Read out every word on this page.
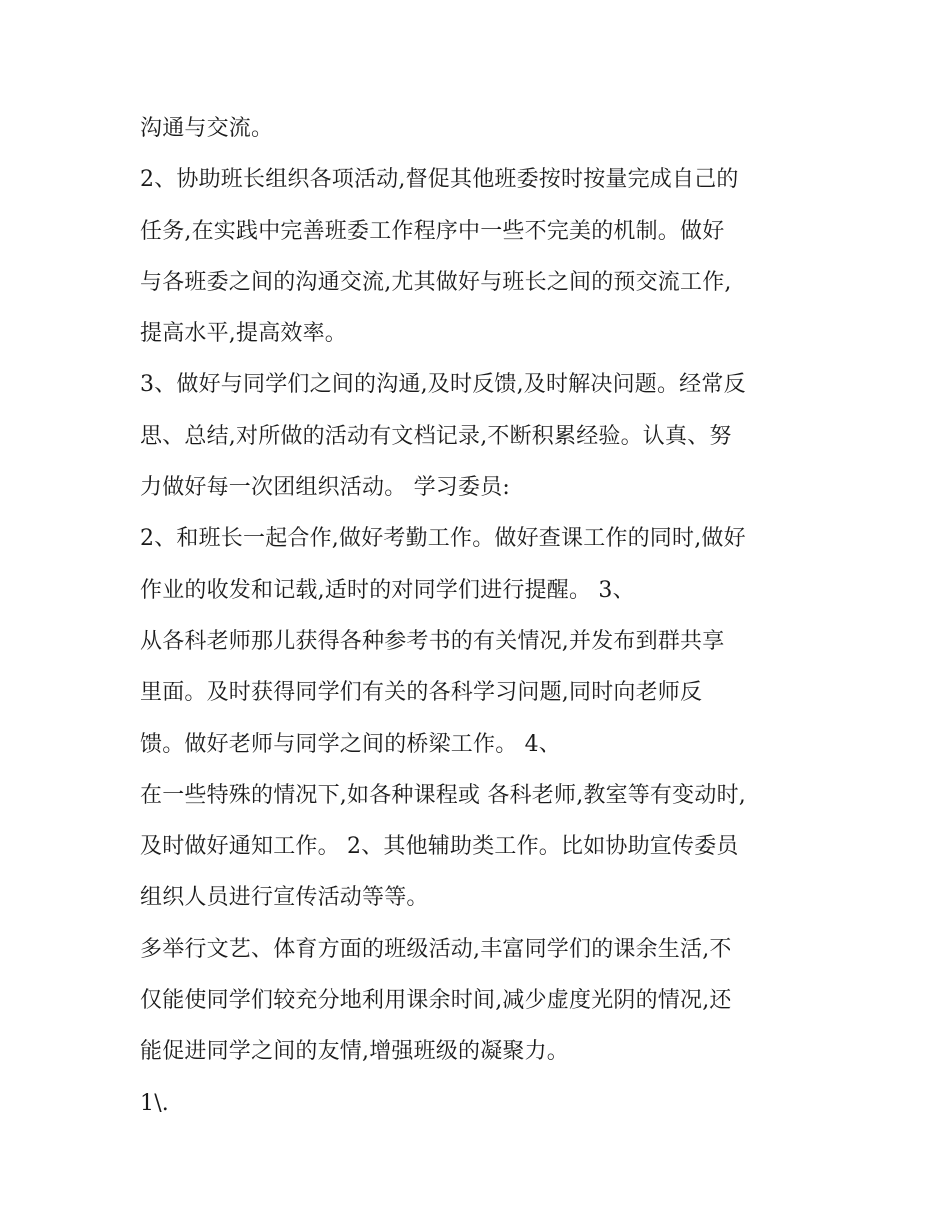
沟通与交流。
2、协助班长组织各项活动,督促其他班委按时按量完成自己的
任务,在实践中完善班委工作程序中一些不完美的机制。做好
与各班委之间的沟通交流,尤其做好与班长之间的预交流工作,
提高水平,提高效率。
3、做好与同学们之间的沟通,及时反馈,及时解决问题。经常反
思、总结,对所做的活动有文档记录,不断积累经验。认真、努
力做好每一次团组织活动。 学习委员:
2、和班长一起合作,做好考勤工作。做好查课工作的同时,做好
作业的收发和记载,适时的对同学们进行提醒。 3、
从各科老师那儿获得各种参考书的有关情况,并发布到群共享
里面。及时获得同学们有关的各科学习问题,同时向老师反
馈。做好老师与同学之间的桥梁工作。 4、
在一些特殊的情况下,如各种课程或 各科老师,教室等有变动时,
及时做好通知工作。 2、其他辅助类工作。比如协助宣传委员
组织人员进行宣传活动等等。
多举行文艺、体育方面的班级活动,丰富同学们的课余生活,不
仅能使同学们较充分地利用课余时间,减少虚度光阴的情况,还
能促进同学之间的友情,增强班级的凝聚力。
1\.
